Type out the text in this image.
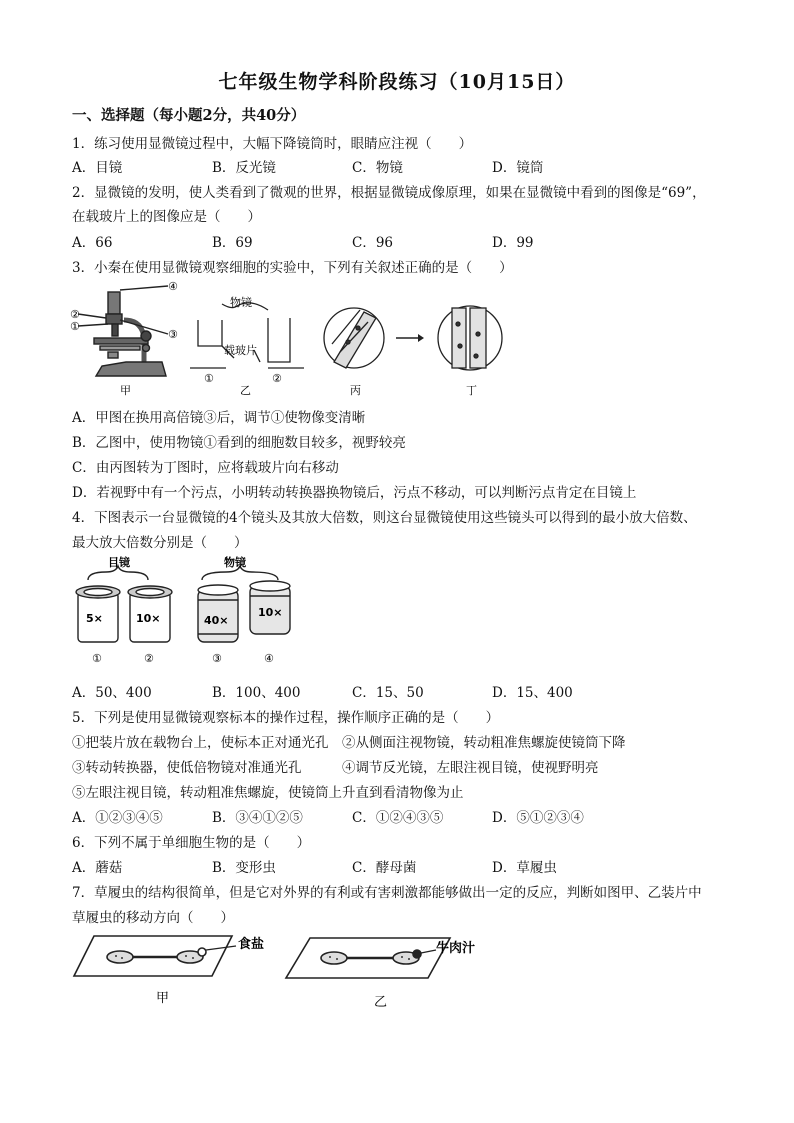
七年级生物学科阶段练习（10月15日）
一、选择题（每小题2分，共40分）
1．练习使用显微镜过程中，大幅下降镜筒时，眼睛应注视（　　）
A．目镜	B．反光镜	C．物镜	D．镜筒
2．显微镜的发明，使人类看到了微观的世界，根据显微镜成像原理，如果在显微镜中看到的图像是“69”，
在载玻片上的图像应是（　　）
A．66	B．69	C．96	D．99
3．小秦在使用显微镜观察细胞的实验中，下列有关叙述正确的是（　　）
④
②
①
③
甲
物镜
载玻片
①	②
乙	丙	丁
A．甲图在换用高倍镜③后，调节①使物像变清晰
B．乙图中，使用物镜①看到的细胞数目较多，视野较亮
C．由丙图转为丁图时，应将载玻片向右移动
D．若视野中有一个污点，小明转动转换器换物镜后，污点不移动，可以判断污点肯定在目镜上
4．下图表示一台显微镜的4个镜头及其放大倍数，则这台显微镜使用这些镜头可以得到的最小放大倍数、
最大放大倍数分别是（　　）
目镜	物镜
5×	10×	40×
10×
①	②	③	④
A．50、400	B．100、400	C．15、50	D．15、400
5．下列是使用显微镜观察标本的操作过程，操作顺序正确的是（　　）
①把装片放在载物台上，使标本正对通光孔　②从侧面注视物镜，转动粗准焦螺旋使镜筒下降
③转动转换器，使低倍物镜对准通光孔　　　④调节反光镜，左眼注视目镜，使视野明亮
⑤左眼注视目镜，转动粗准焦螺旋，使镜筒上升直到看清物像为止
A．①②③④⑤	B．③④①②⑤	C．①②④③⑤	D．⑤①②③④
6．下列不属于单细胞生物的是（　　）
A．蘑菇	B．变形虫	C．酵母菌	D．草履虫
7．草履虫的结构很简单，但是它对外界的有利或有害刺激都能够做出一定的反应，判断如图甲、乙装片中
草履虫的移动方向（　　）
食盐
甲
牛肉汁
乙
